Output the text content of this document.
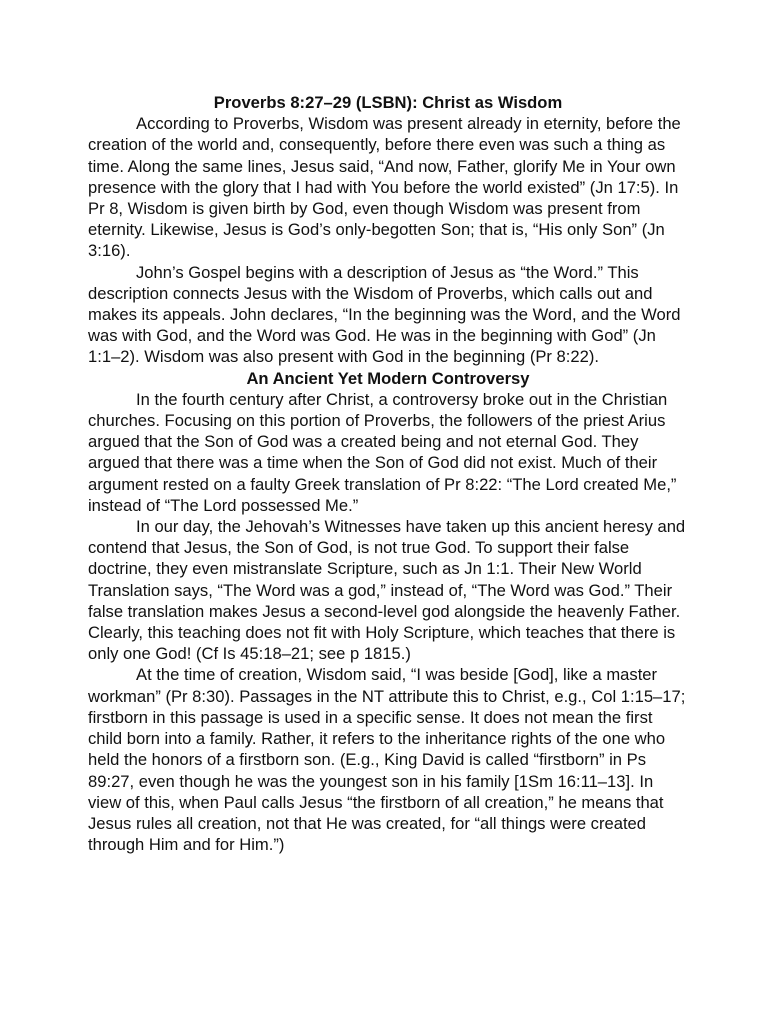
Proverbs 8:27–29 (LSBN): Christ as Wisdom

According to Proverbs, Wisdom was present already in eternity, before the creation of the world and, consequently, before there even was such a thing as time. Along the same lines, Jesus said, “And now, Father, glorify Me in Your own presence with the glory that I had with You before the world existed” (Jn 17:5). In Pr 8, Wisdom is given birth by God, even though Wisdom was present from eternity. Likewise, Jesus is God’s only-begotten Son; that is, “His only Son” (Jn 3:16).

John’s Gospel begins with a description of Jesus as “the Word.” This description connects Jesus with the Wisdom of Proverbs, which calls out and makes its appeals. John declares, “In the beginning was the Word, and the Word was with God, and the Word was God. He was in the beginning with God” (Jn 1:1–2). Wisdom was also present with God in the beginning (Pr 8:22).

An Ancient Yet Modern Controversy

In the fourth century after Christ, a controversy broke out in the Christian churches. Focusing on this portion of Proverbs, the followers of the priest Arius argued that the Son of God was a created being and not eternal God. They argued that there was a time when the Son of God did not exist. Much of their argument rested on a faulty Greek translation of Pr 8:22: “The Lord created Me,” instead of “The Lord possessed Me.”

In our day, the Jehovah’s Witnesses have taken up this ancient heresy and contend that Jesus, the Son of God, is not true God. To support their false doctrine, they even mistranslate Scripture, such as Jn 1:1. Their New World Translation says, “The Word was a god,” instead of, “The Word was God.” Their false translation makes Jesus a second-level god alongside the heavenly Father. Clearly, this teaching does not fit with Holy Scripture, which teaches that there is only one God! (Cf Is 45:18–21; see p 1815.)

At the time of creation, Wisdom said, “I was beside [God], like a master workman” (Pr 8:30). Passages in the NT attribute this to Christ, e.g., Col 1:15–17; firstborn in this passage is used in a specific sense. It does not mean the first child born into a family. Rather, it refers to the inheritance rights of the one who held the honors of a firstborn son. (E.g., King David is called “firstborn” in Ps 89:27, even though he was the youngest son in his family [1Sm 16:11–13]. In view of this, when Paul calls Jesus “the firstborn of all creation,” he means that Jesus rules all creation, not that He was created, for “all things were created through Him and for Him.”)
